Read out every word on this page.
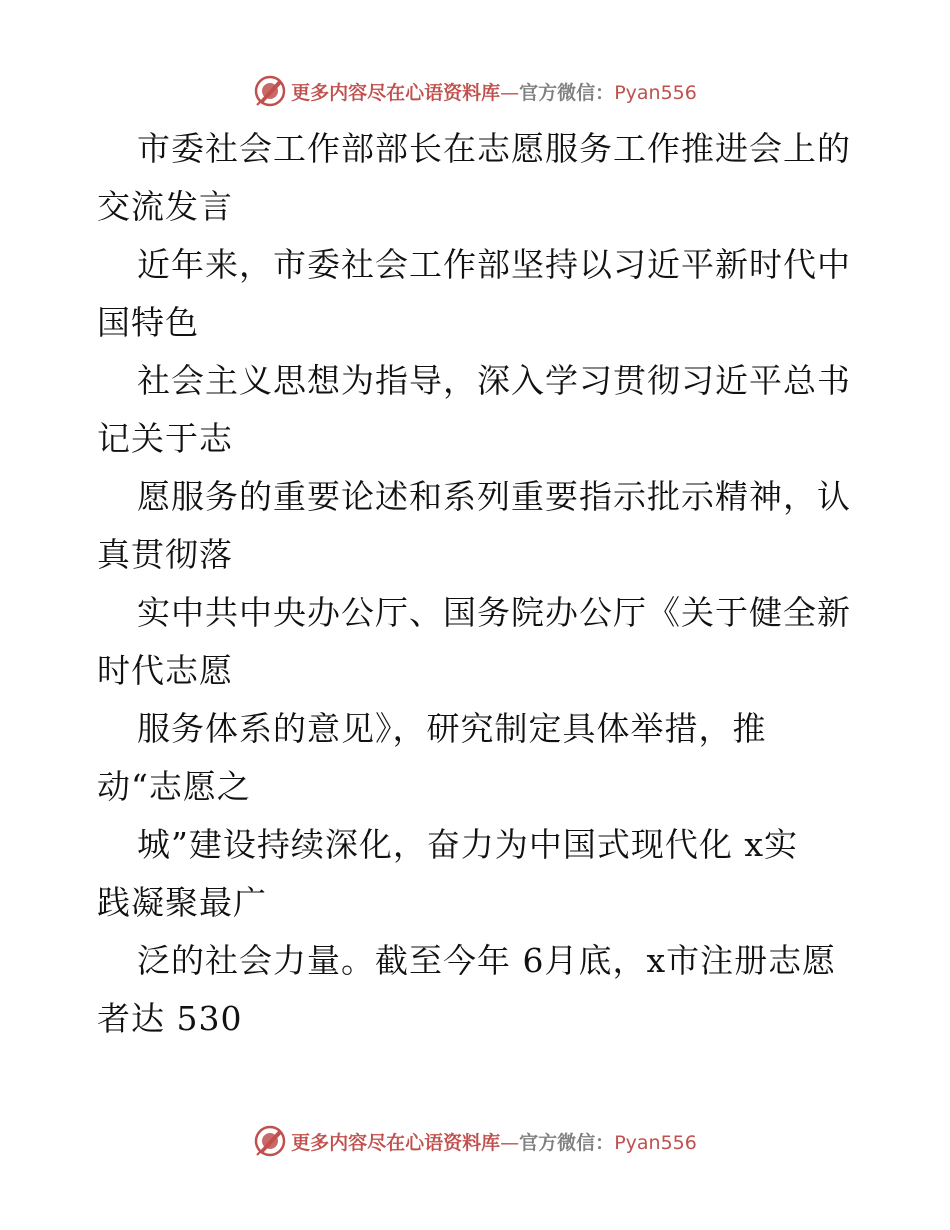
更多内容尽在心语资料库—官方微信：Pyan556
市委社会工作部部长在志愿服务工作推进会上的
交流发言
近年来，市委社会工作部坚持以习近平新时代中
国特色
社会主义思想为指导，深入学习贯彻习近平总书
记关于志
愿服务的重要论述和系列重要指示批示精神，认
真贯彻落
实中共中央办公厅、国务院办公厅《关于健全新
时代志愿
服务体系的意见》，研究制定具体举措，推
动“志愿之
城”建设持续深化，奋力为中国式现代化 x实
践凝聚最广
泛的社会力量。截至今年 6月底，x市注册志愿
者达 530
更多内容尽在心语资料库—官方微信：Pyan556
